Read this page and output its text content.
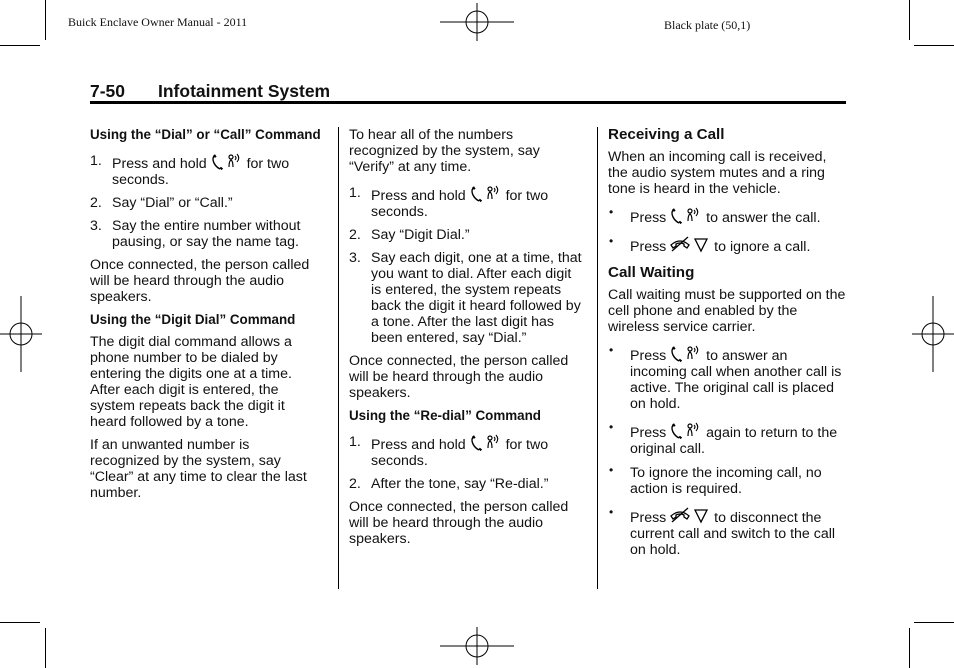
Buick Enclave Owner Manual - 2011	Black plate (50,1)
7-50 Infotainment System
Using the “Dial” or “Call” Command
1. Press and hold	for two seconds.
2. Say “Dial” or “Call.”
3. Say the entire number without pausing, or say the name tag.

Once connected, the person called will be heard through the audio speakers.

Using the “Digit Dial” Command

The digit dial command allows a phone number to be dialed by entering the digits one at a time. After each digit is entered, the system repeats back the digit it heard followed by a tone.

If an unwanted number is recognized by the system, say “Clear” at any time to clear the last number.

To hear all of the numbers recognized by the system, say “Verify” at any time.

1. Press and hold	for two seconds.
2. Say “Digit Dial.”
3. Say each digit, one at a time, that you want to dial. After each digit is entered, the system repeats back the digit it heard followed by a tone. After the last digit has been entered, say “Dial.”

Once connected, the person called will be heard through the audio speakers.

Using the “Re-dial” Command
1. Press and hold	for two seconds.
2. After the tone, say “Re-dial.”

Once connected, the person called will be heard through the audio speakers.

Receiving a Call

When an incoming call is received, the audio system mutes and a ring tone is heard in the vehicle.

• Press	to answer the call.
• Press	to ignore a call.
Call Waiting

Call waiting must be supported on the cell phone and enabled by the wireless service carrier.

• Press	to answer an incoming call when another call is active. The original call is placed on hold.
• Press	again to return to the original call.
• To ignore the incoming call, no action is required.
• Press	to disconnect the current call and switch to the call on hold.
